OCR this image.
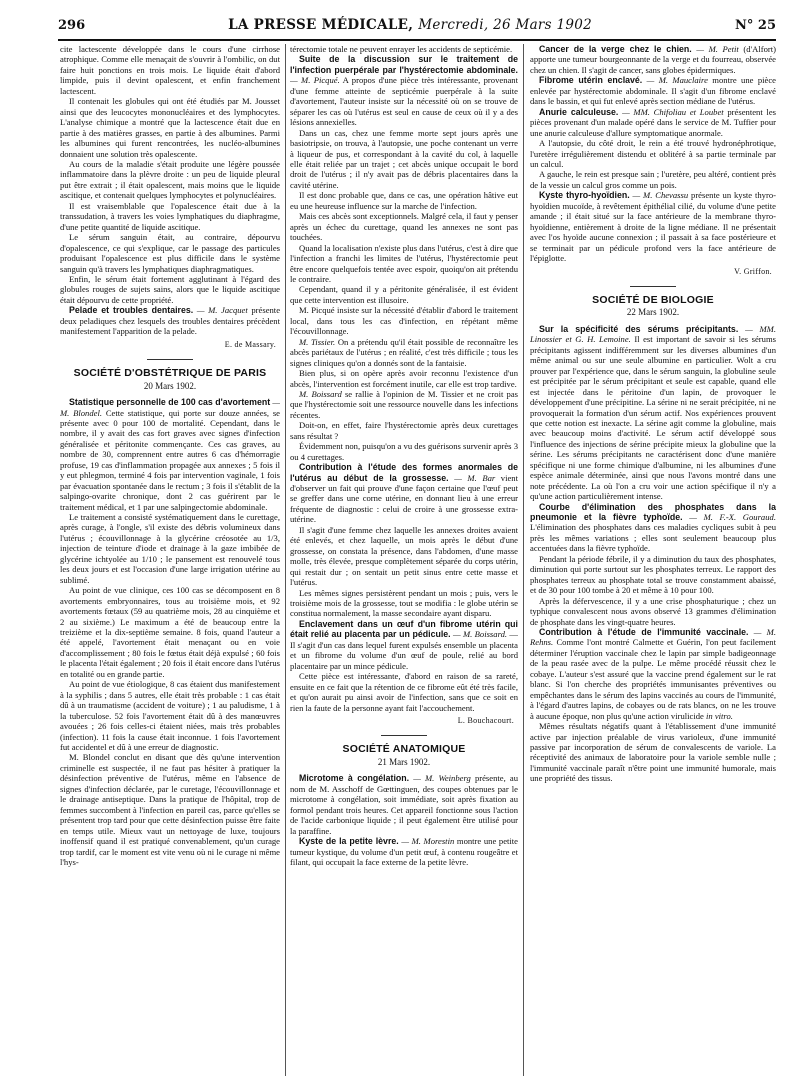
296	LA PRESSE MÉDICALE, Mercredi, 26 Mars 1902	N° 25

cite lactescente développée dans le cours d'une cirrhose atrophique. Comme elle menaçait de s'ouvrir à l'ombilic, on dut faire huit ponctions en trois mois. Le liquide était d'abord limpide, puis il devint opalescent, et enfin franchement lactescent.

Il contenait les globules qui ont été étudiés par M. Jousset ainsi que des leucocytes mononucléaires et des lymphocytes. L'analyse chimique a montré que la lactescence était due en partie à des matières grasses, en partie à des albumines. Parmi les albumines qui furent rencontrées, les nucléo-albumines donnaient une solution très opalescente.

Au cours de la maladie s'était produite une légère poussée inflammatoire dans la plèvre droite : un peu de liquide pleural put être extrait ; il était opalescent, mais moins que le liquide ascitique, et contenait quelques lymphocytes et polynucléaires.

Il est vraisemblable que l'opalescence était due à la transsudation, à travers les voies lymphatiques du diaphragme, d'une petite quantité de liquide ascitique.

Le sérum sanguin était, au contraire, dépourvu d'opalescence, ce qui s'explique, car le passage des particules produisant l'opalescence est plus difficile dans le système sanguin qu'à travers les lymphatiques diaphragmatiques.

Enfin, le sérum était fortement agglutinant à l'égard des globules rouges de sujets sains, alors que le liquide ascitique était dépourvu de cette propriété.

Pelade et troubles dentaires. — M. Jacquet présente deux peladiques chez lesquels des troubles dentaires précèdent manifestement l'apparition de la pelade.

E. de Massary.
SOCIÉTÉ D'OBSTÉTRIQUE DE PARIS
20 Mars 1902.

Statistique personnelle de 100 cas d'avortement — M. Blondel. Cette statistique, qui porte sur douze années, se présente avec 0 pour 100 de mortalité. Cependant, dans le nombre, il y avait des cas fort graves avec signes d'infection généralisée et péritonite commençante. Ces cas graves, au nombre de 30, comprennent entre autres 6 cas d'hémorragie profuse, 19 cas d'inflammation propagée aux annexes ; 5 fois il y eut phlegmon, terminé 4 fois par intervention vaginale, 1 fois par évacuation spontanée dans le rectum ; 3 fois il s'établit de la salpingo-ovarite chronique, dont 2 cas guérirent par le traitement médical, et 1 par une salpingectomie abdominale.

Le traitement a consisté systématiquement dans le curettage, après curage, à l'ongle, s'il existe des débris volumineux dans l'utérus ; écouvillonnage à la glycérine créosotée au 1/3, injection de teinture d'iode et drainage à la gaze imbibée de glycérine ichtyolée au 1/10 ; le pansement est renouvelé tous les deux jours et est l'occasion d'une large irrigation utérine au sublimé.

Au point de vue clinique, ces 100 cas se décomposent en 8 avortements embryonnaires, tous au troisième mois, et 92 avortements fœtaux (59 au quatrième mois, 28 au cinquième et 2 au sixième.) Le maximum a été de beaucoup entre la treizième et la dix-septième semaine. 8 fois, quand l'auteur a été appelé, l'avortement était menaçant ou en voie d'accomplissement ; 80 fois le fœtus était déjà expulsé ; 60 fois le placenta l'était également ; 20 fois il était encore dans l'utérus en totalité ou en grande partie.

Au point de vue étiologique, 8 cas étaient dus manifestement à la syphilis ; dans 5 autres, elle était très probable : 1 cas était dû à un traumatisme (accident de voiture) ; 1 au paludisme, 1 à la tuberculose. 52 fois l'avortement était dû à des manœuvres avouées ; 26 fois celles-ci étaient niées, mais très probables (infection). 11 fois la cause était inconnue. 1 fois l'avortement fut accidentel et dû à une erreur de diagnostic.

M. Blondel conclut en disant que dès qu'une intervention criminelle est suspectée, il ne faut pas hésiter à pratiquer la désinfection préventive de l'utérus, même en l'absence de signes d'infection déclarée, par le curetage, l'écouvillonnage et le drainage antiseptique. Dans la pratique de l'hôpital, trop de femmes succombent à l'infection en pareil cas, parce qu'elles se présentent trop tard pour que cette désinfection puisse être faite en temps utile. Mieux vaut un nettoyage de luxe, toujours inoffensif quand il est pratiqué convenablement, qu'un curage trop tardif, car le moment est vite venu où ni le curage ni même l'hys-

térectomie totale ne peuvent enrayer les accidents de septicémie.

Suite de la discussion sur le traitement de l'infection puerpérale par l'hystérectomie abdominale. — M. Picqué. A propos d'une pièce très intéressante, provenant d'une femme atteinte de septicémie puerpérale à la suite d'avortement, l'auteur insiste sur la nécessité où on se trouve de séparer les cas où l'utérus est seul en cause de ceux où il y a des lésions annexielles.

Dans un cas, chez une femme morte sept jours après une basiotripsie, on trouva, à l'autopsie, une poche contenant un verre à liqueur de pus, et correspondant à la cavité du col, à laquelle elle était reliée par un trajet ; cet abcès unique occupait le bord droit de l'utérus ; il n'y avait pas de débris placentaires dans la cavité utérine.

Il est donc probable que, dans ce cas, une opération hâtive eut eu une heureuse influence sur la marche de l'infection.

Mais ces abcès sont exceptionnels. Malgré cela, il faut y penser après un échec du curettage, quand les annexes ne sont pas touchées.

Quand la localisation n'existe plus dans l'utérus, c'est à dire que l'infection a franchi les limites de l'utérus, l'hystérectomie peut être encore quelquefois tentée avec espoir, quoiqu'on ait prétendu le contraire.

Cependant, quand il y a péritonite généralisée, il est évident que cette intervention est illusoire.

M. Picqué insiste sur la nécessité d'établir d'abord le traitement local, dans tous les cas d'infection, en répétant même l'écouvillonnage.

M. Tissier. On a prétendu qu'il était possible de reconnaître les abcès pariétaux de l'utérus ; en réalité, c'est très difficile ; tous les signes cliniques qu'on a donnés sont de la fantaisie.

Bien plus, si on opère après avoir reconnu l'existence d'un abcès, l'intervention est forcément inutile, car elle est trop tardive.

M. Boissard se rallie à l'opinion de M. Tissier et ne croit pas que l'hystérectomie soit une ressource nouvelle dans les infections récentes.

Doit-on, en effet, faire l'hystérectomie après deux curettages sans résultat ?

Évidemment non, puisqu'on a vu des guérisons survenir après 3 ou 4 curettages.

Contribution à l'étude des formes anormales de l'utérus au début de la grossesse. — M. Bar vient d'observer un fait qui prouve d'une façon certaine que l'œuf peut se greffer dans une corne utérine, en donnant lieu à une erreur fréquente de diagnostic : celui de croire à une grossesse extra-utérine.

Il s'agit d'une femme chez laquelle les annexes droites avaient été enlevés, et chez laquelle, un mois après le début d'une grossesse, on constata la présence, dans l'abdomen, d'une masse molle, très élevée, presque complètement séparée du corps utérin, qui restait dur ; on sentait un petit sinus entre cette masse et l'utérus.

Les mêmes signes persistèrent pendant un mois ; puis, vers le troisième mois de la grossesse, tout se modifia : le globe utérin se constitua normalement, la masse secondaire ayant disparu.

Enclavement dans un œuf d'un fibrome utérin qui était relié au placenta par un pédicule. — M. Boissard. — Il s'agit d'un cas dans lequel furent expulsés ensemble un placenta et un fibrome du volume d'un œuf de poule, relié au bord placentaire par un mince pédicule.

Cette pièce est intéressante, d'abord en raison de sa rareté, ensuite en ce fait que la rétention de ce fibrome eût été très facile, et qu'on aurait pu ainsi avoir de l'infection, sans que ce soit en rien la faute de la personne ayant fait l'accouchement.

L. Bouchacourt.
SOCIÉTÉ ANATOMIQUE
21 Mars 1902.

Microtome à congélation. — M. Weinberg présente, au nom de M. Asschoff de Gœttinguen, des coupes obtenues par le microtome à congélation, soit immédiate, soit après fixation au formol pendant trois heures. Cet appareil fonctionne sous l'action de l'acide carbonique liquide ; il peut également être utilisé pour la paraffine.

Kyste de la petite lèvre. — M. Morestin montre une petite tumeur kystique, du volume d'un petit œuf, à contenu rougeâtre et filant, qui occupait la face externe de la petite lèvre.

Cancer de la verge chez le chien. — M. Petit (d'Alfort) apporte une tumeur bourgeonnante de la verge et du fourreau, observée chez un chien. Il s'agit de cancer, sans globes épidermiques.

Fibrome utérin enclavé. — M. Mauclaire montre une pièce enlevée par hystérectomie abdominale. Il s'agit d'un fibrome enclavé dans le bassin, et qui fut enlevé après section médiane de l'utérus.

Anurie calculeuse. — MM. Chifoliau et Loubet présentent les pièces provenant d'un malade opéré dans le service de M. Tuffier pour une anurie calculeuse d'allure symptomatique anormale.

A l'autopsie, du côté droit, le rein a été trouvé hydronéphrotique, l'uretère irrégulièrement distendu et oblitéré à sa partie terminale par un calcul.

A gauche, le rein est presque sain ; l'uretère, peu altéré, contient près de la vessie un calcul gros comme un pois.

Kyste thyro-hyoïdien. — M. Chevassu présente un kyste thyro-hyoïdien mucoïde, à revêtement épithélial cilié, du volume d'une petite amande ; il était situé sur la face antérieure de la membrane thyro-hyoïdienne, entièrement à droite de la ligne médiane. Il ne présentait avec l'os hyoïde aucune connexion ; il passait à sa face postérieure et se terminait par un pédicule profond vers la face antérieure de l'épiglotte.

V. Griffon.
SOCIÉTÉ DE BIOLOGIE
22 Mars 1902.

Sur la spécificité des sérums précipitants. — MM. Linossier et G. H. Lemoine. Il est important de savoir si les sérums précipitants agissent indifféremment sur les diverses albumines d'un même animal ou sur une seule albumine en particulier. Wolt a cru prouver par l'expérience que, dans le sérum sanguin, la globuline seule est précipitée par le sérum précipitant et seule est capable, quand elle est injectée dans le péritoine d'un lapin, de provoquer le développement d'une précipitine. La sérine ni ne serait précipitée, ni ne provoquerait la formation d'un sérum actif. Nos expériences prouvent que cette notion est inexacte. La sérine agit comme la globuline, mais avec beaucoup moins d'activité. Le sérum actif développé sous l'influence des injections de sérine précipite mieux la globuline que la sérine. Les sérums précipitants ne caractérisent donc d'une manière spécifique ni une forme chimique d'albumine, ni les albumines d'une espèce animale déterminée, ainsi que nous l'avons montré dans une note précédente. La où l'on a cru voir une action spécifique il n'y a qu'une action particulièrement intense.

Courbe d'élimination des phosphates dans la pneumonie et la fièvre typhoïde. — M. F.-X. Gouraud. L'élimination des phosphates dans ces maladies cycliques subit à peu près les mêmes variations ; elles sont seulement beaucoup plus accentuées dans la fièvre typhoïde.

Pendant la période fébrile, il y a diminution du taux des phosphates, diminution qui porte surtout sur les phosphates terreux. Le rapport des phosphates terreux au phosphate total se trouve constamment abaissé, et de 30 pour 100 tombe à 20 et même à 10 pour 100.

Après la défervescence, il y a une crise phosphaturique ; chez un typhique convalescent nous avons observé 13 grammes d'élimination de phosphate dans les vingt-quatre heures.

Contribution à l'étude de l'immunité vaccinale. — M. Rehns. Comme l'ont montré Calmette et Guérin, l'on peut facilement déterminer l'éruption vaccinale chez le lapin par simple badigeonnage de la peau rasée avec de la pulpe. Le même procédé réussit chez le cobaye. L'auteur s'est assuré que la vaccine prend également sur le rat blanc. Si l'on cherche des propriétés immunisantes préventives ou empêchantes dans le sérum des lapins vaccinés au cours de l'immunité, à l'égard d'autres lapins, de cobayes ou de rats blancs, on ne les trouve à aucune époque, non plus qu'une action virulicide in vitro.

Mêmes résultats négatifs quant à l'établissement d'une immunité active par injection préalable de virus varioleux, d'une immunité passive par incorporation de sérum de convalescents de variole. La réceptivité des animaux de laboratoire pour la variole semble nulle ; l'immunité vaccinale paraît n'être point une immunité humorale, mais une propriété des tissus.
